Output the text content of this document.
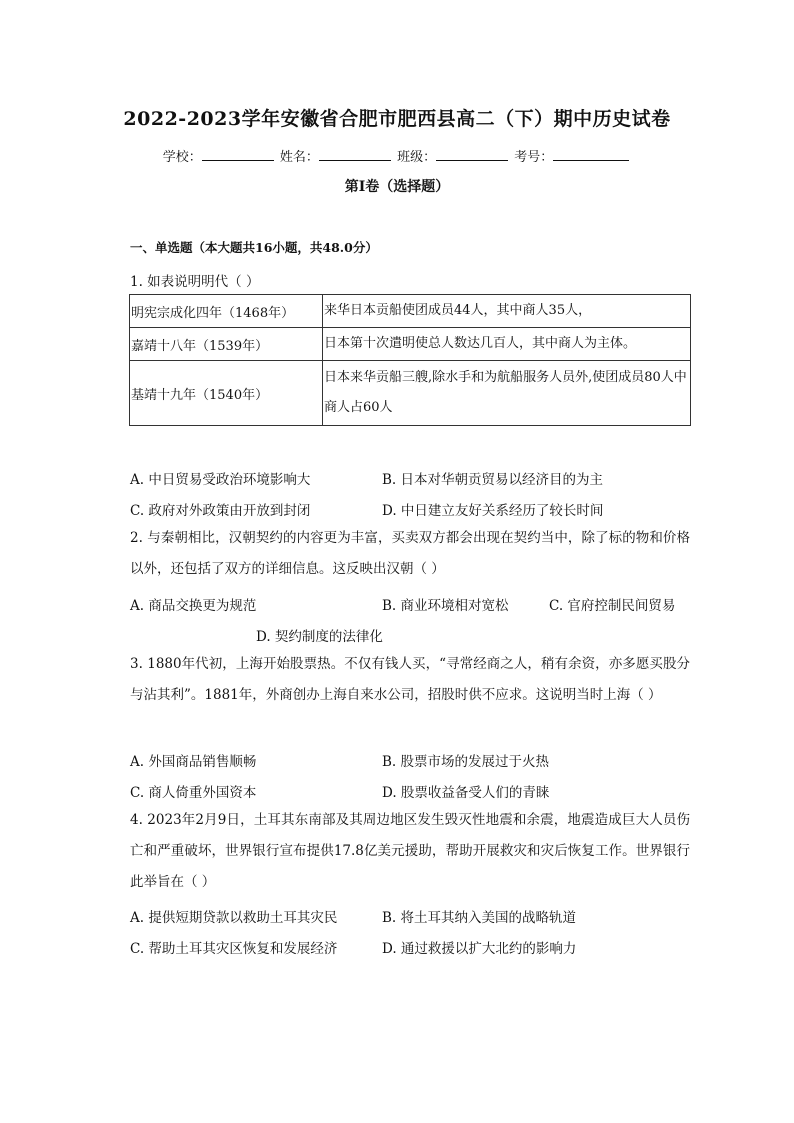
2022-2023学年安徽省合肥市肥西县高二（下）期中历史试卷
学校：	姓名：	班级：	考号：
第Ⅰ卷（选择题）
一、单选题（本大题共16小题，共48.0分）
1. 如表说明明代（ ）
明宪宗成化四年（1468年）	来华日本贡船使团成员44人，其中商人35人，
嘉靖十八年（1539年）	日本第十次遣明使总人数达几百人，其中商人为主体。
基靖十九年（1540年）	日本来华贡船三艘,除水手和为航船服务人员外,使团成员80人中商人占60人
A. 中日贸易受政治环境影响大	B. 日本对华朝贡贸易以经济目的为主
C. 政府对外政策由开放到封闭	D. 中日建立友好关系经历了较长时间
2. 与秦朝相比，汉朝契约的内容更为丰富，买卖双方都会出现在契约当中，除了标的物和价格以外，还包括了双方的详细信息。这反映出汉朝（ ）
A. 商品交换更为规范	B. 商业环境相对宽松	C. 官府控制民间贸易
D. 契约制度的法律化
3. 1880年代初，上海开始股票热。不仅有钱人买，“寻常经商之人，稍有余资，亦多愿买股分与沾其利”。1881年，外商创办上海自来水公司，招股时供不应求。这说明当时上海（ ）
A. 外国商品销售顺畅	B. 股票市场的发展过于火热
C. 商人倚重外国资本	D. 股票收益备受人们的青睐
4. 2023年2月9日，土耳其东南部及其周边地区发生毁灭性地震和余震，地震造成巨大人员伤亡和严重破坏，世界银行宣布提供17.8亿美元援助，帮助开展救灾和灾后恢复工作。世界银行此举旨在（ ）
A. 提供短期贷款以救助土耳其灾民	B. 将土耳其纳入美国的战略轨道
C. 帮助土耳其灾区恢复和发展经济	D. 通过救援以扩大北约的影响力
